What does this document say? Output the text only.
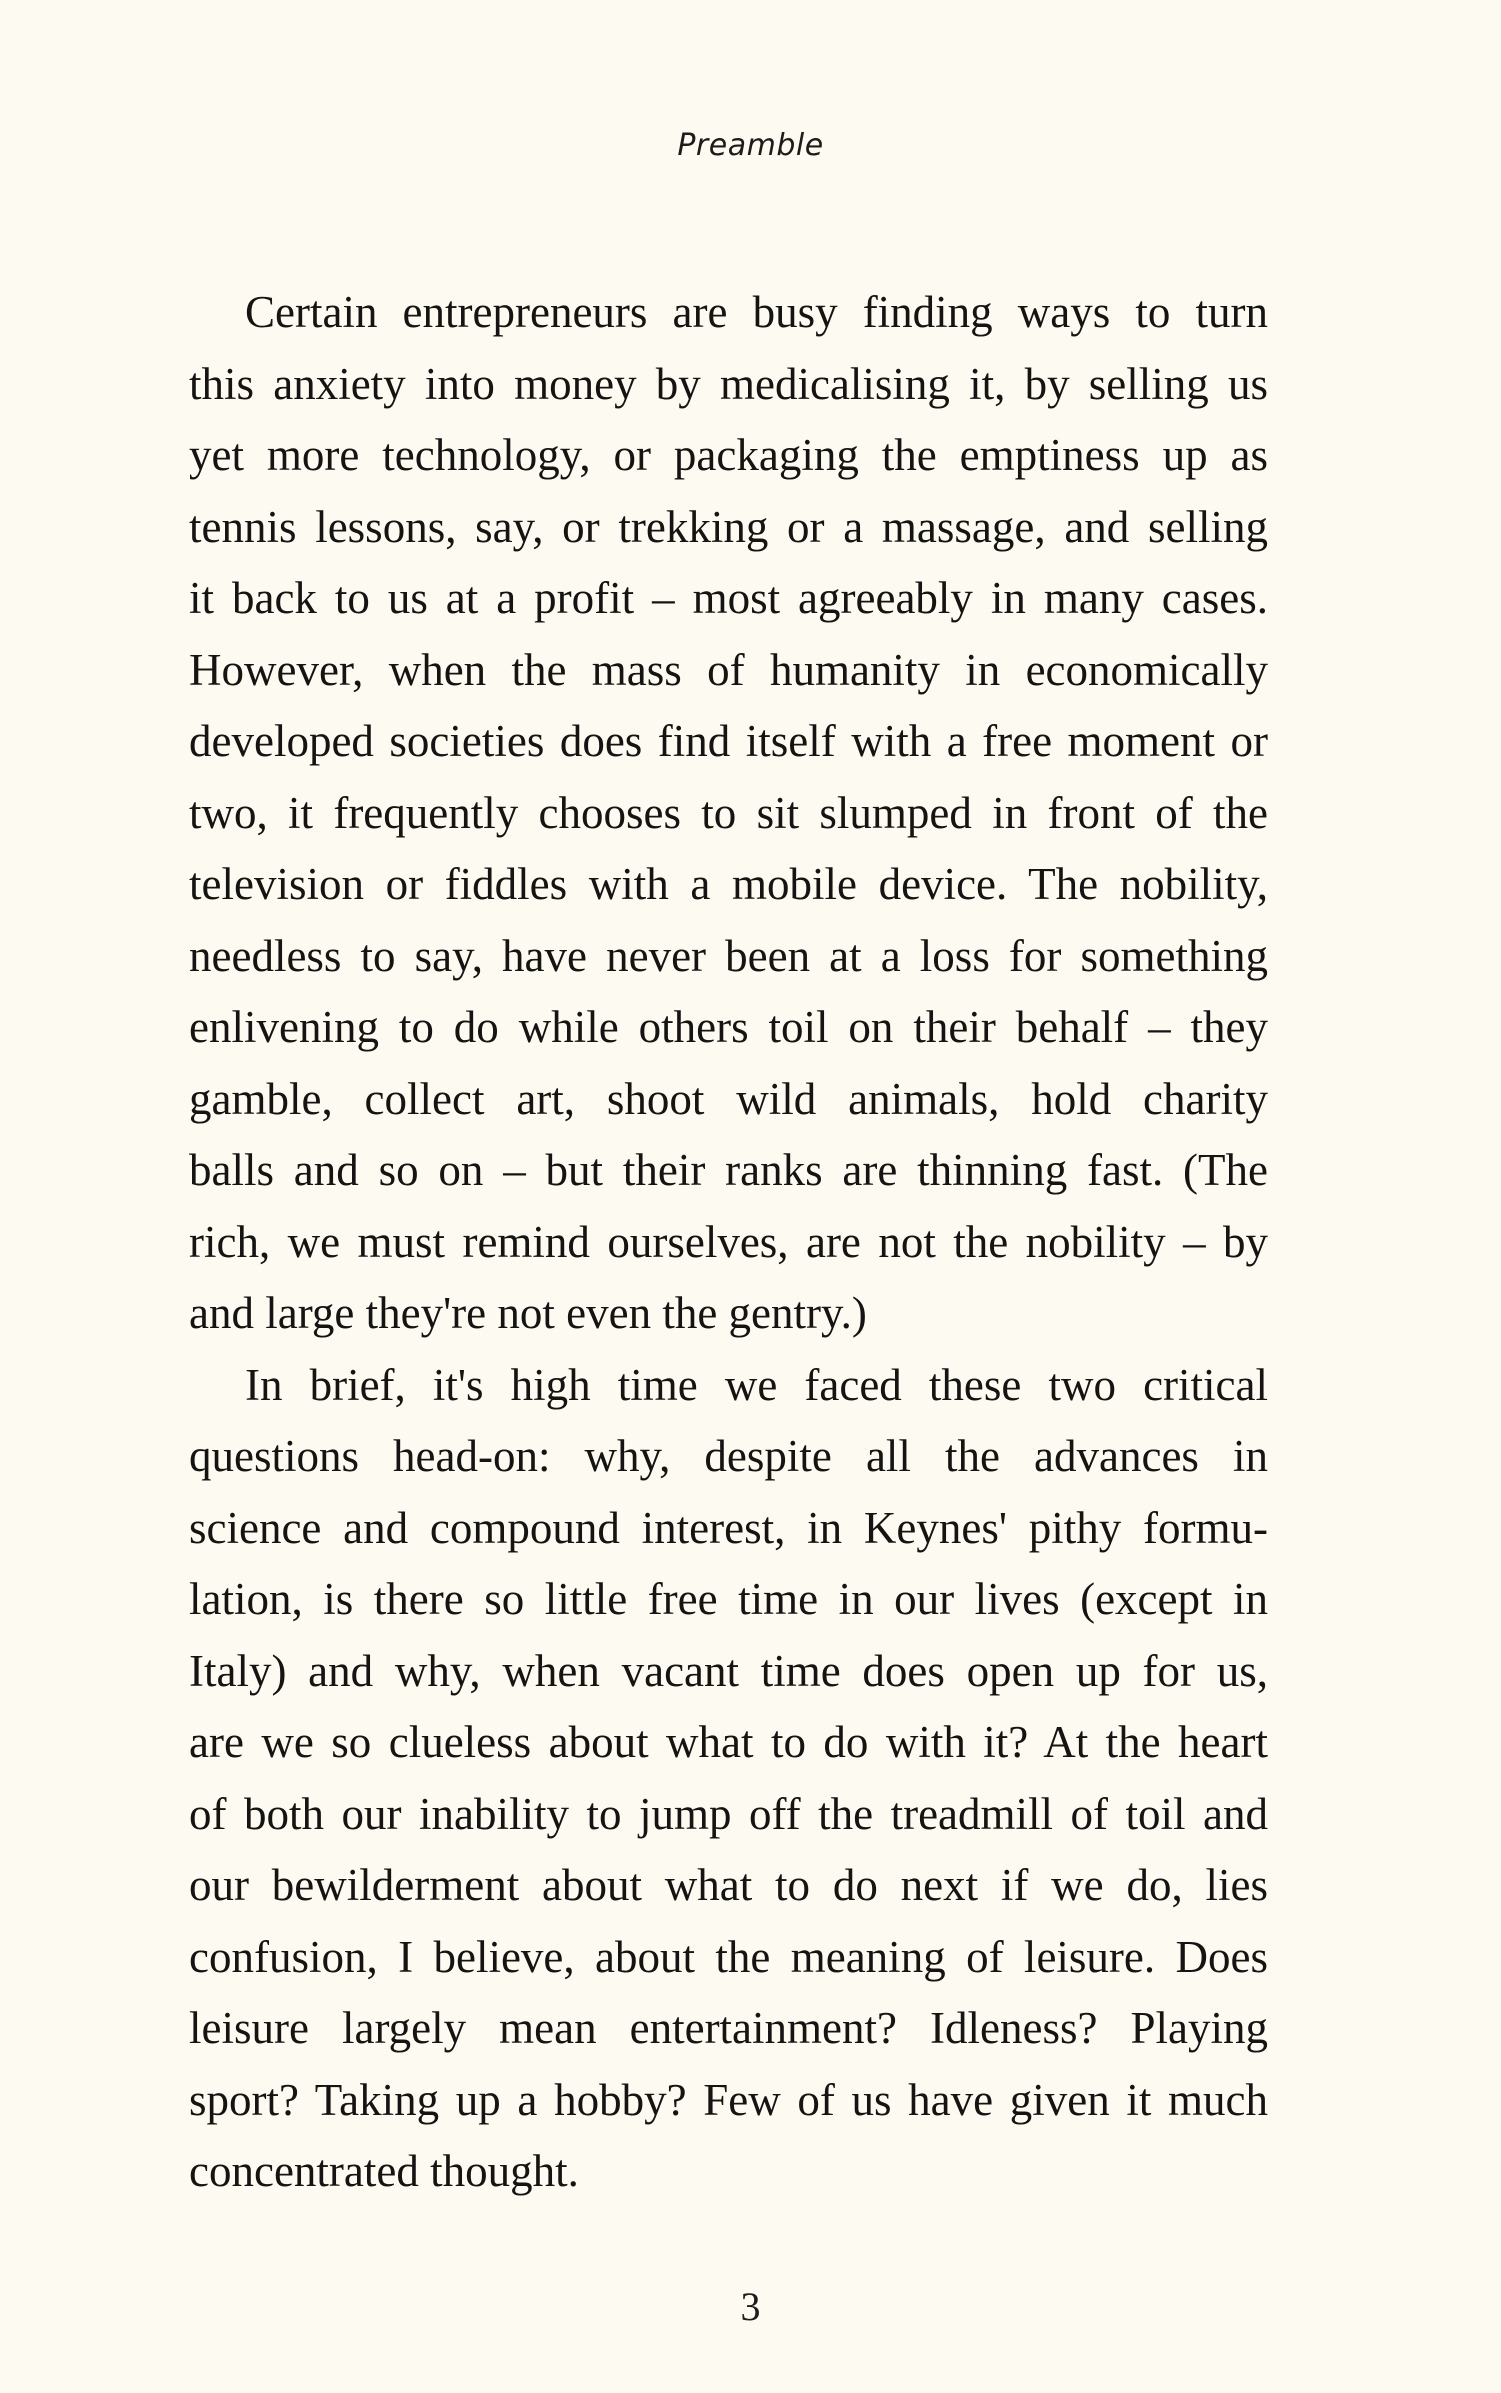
Preamble
Certain entrepreneurs are busy finding ways to turn
this anxiety into money by medicalising it, by selling us
yet more technology, or packaging the emptiness up as
tennis lessons, say, or trekking or a massage, and selling
it back to us at a profit – most agreeably in many cases.
However, when the mass of humanity in economically
developed societies does find itself with a free moment or
two, it frequently chooses to sit slumped in front of the
television or fiddles with a mobile device. The nobility,
needless to say, have never been at a loss for something
enlivening to do while others toil on their behalf – they
gamble, collect art, shoot wild animals, hold charity
balls and so on – but their ranks are thinning fast. (The
rich, we must remind ourselves, are not the nobility – by
and large they're not even the gentry.)
In brief, it's high time we faced these two critical
questions head-on: why, despite all the advances in
science and compound interest, in Keynes' pithy formu-
lation, is there so little free time in our lives (except in
Italy) and why, when vacant time does open up for us,
are we so clueless about what to do with it? At the heart
of both our inability to jump off the treadmill of toil and
our bewilderment about what to do next if we do, lies
confusion, I believe, about the meaning of leisure. Does
leisure largely mean entertainment? Idleness? Playing
sport? Taking up a hobby? Few of us have given it much
concentrated thought.
3
